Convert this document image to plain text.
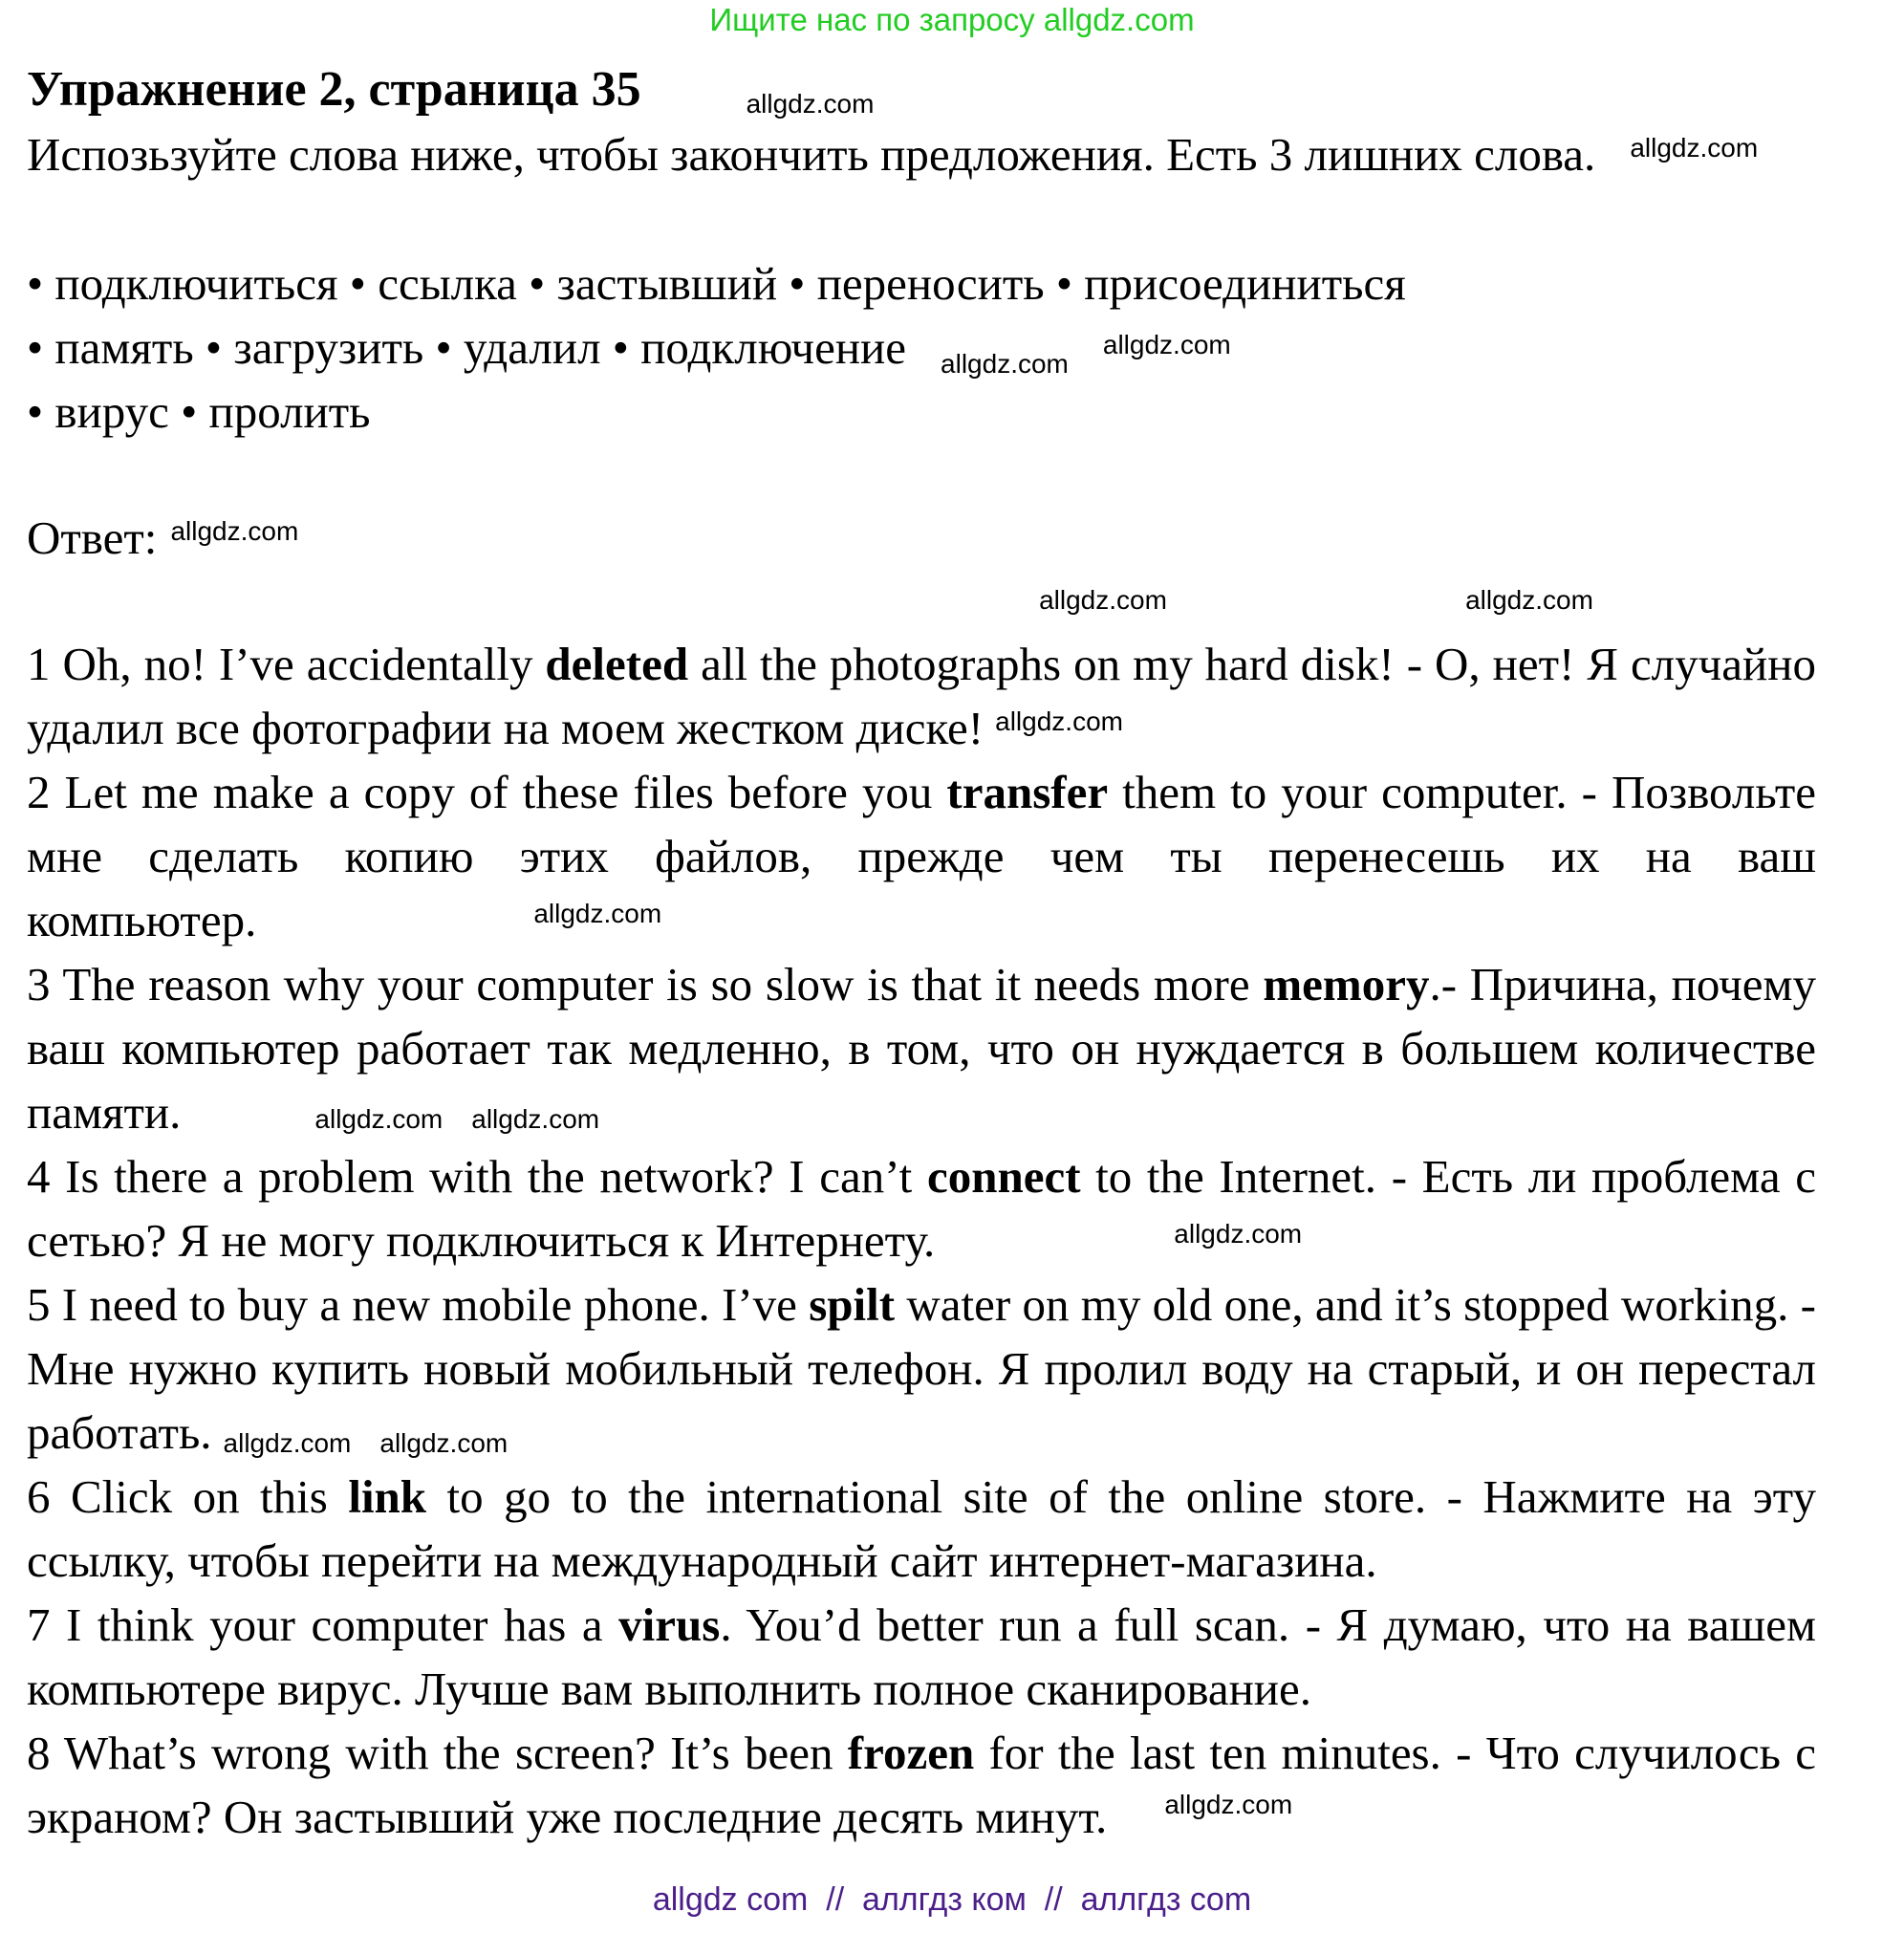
Ищите нас по запросу allgdz.com
Упражнение 2, страница 35	allgdz.com

Испозьзуйте слова ниже, чтобы закончить предложения. Есть 3 лишних слова. $^{allgdz.com}$

• подключиться • ссылка • застывший • переносить • присоединиться

• память • загрузить • удалил • подключение $_{allgdz.com}^{allgdz.com}$

• вирус • пролить

Ответ: $^{allgdz.com}$
allgdz.com	allgdz.com

1 Oh, no! I’ve accidentally deleted all the photographs on my hard disk! - О, нет! Я случайно удалил все фотографии на моем жестком диске! $^{allgdz.com}$

2 Let me make a copy of these files before you transfer them to your computer. - Позвольте мне сделать копию этих файлов, прежде чем ты перенесешь их на ваш компьютер.	$^{allgdz.com}$

3 The reason why your computer is so slow is that it needs more memory.- Причина, почему ваш компьютер работает так медленно, в том, что он нуждается в большем количестве памяти.	allgdz.com allgdz.com

4 Is there a problem with the network? I can’t connect to the Internet. - Есть ли проблема с сетью? Я не могу подключиться к Интернету.	$^{allgdz.com}$

5 I need to buy a new mobile phone. I’ve spilt water on my old one, and it’s stopped working. - Мне нужно купить новый мобильный телефон. Я пролил воду на старый, и он перестал работать. allgdz.com allgdz.com

6 Click on this link to go to the international site of the online store. - Нажмите на эту ссылку, чтобы перейти на международный сайт интернет-магазина.

7 I think your computer has a virus. You’d better run a full scan. - Я думаю, что на вашем компьютере вирус. Лучше вам выполнить полное сканирование.

8 What’s wrong with the screen? It’s been frozen for the last ten minutes. - Что случилось с экраном? Он застывший уже последние десять минут. $^{allgdz.com}$

allgdz com  //  аллгдз ком  //  аллгдз com
